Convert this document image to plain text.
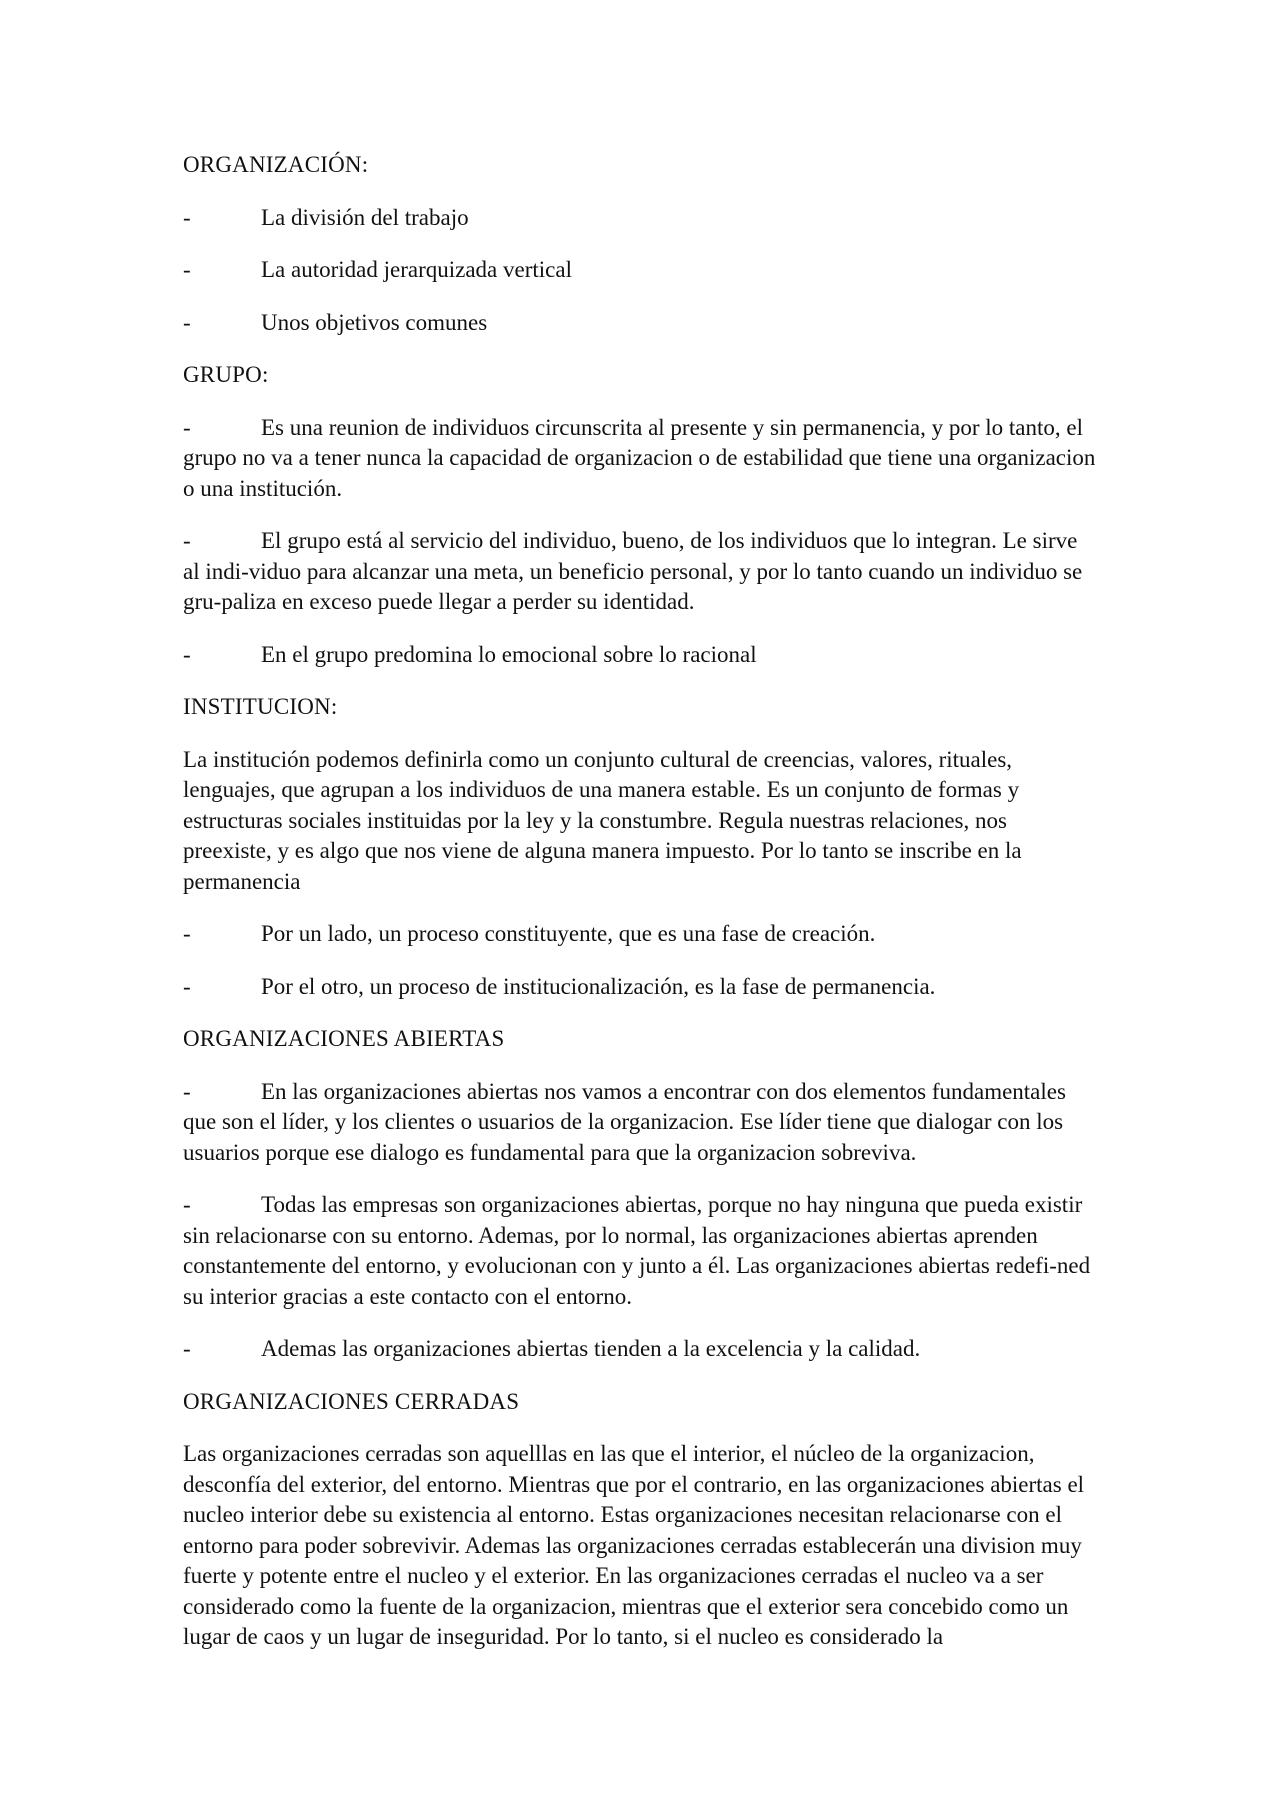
ORGANIZACIÓN:

-	La división del trabajo

-	La autoridad jerarquizada vertical

-	Unos objetivos comunes

GRUPO:

-	Es una reunion de individuos circunscrita al presente y sin permanencia, y por lo tanto, el grupo no va a tener nunca la capacidad de organizacion o de estabilidad que tiene una organizacion o una institución.

-	El grupo está al servicio del individuo, bueno, de los individuos que lo integran. Le sirve al indi-viduo para alcanzar una meta, un beneficio personal, y por lo tanto cuando un individuo se gru-paliza en exceso puede llegar a perder su identidad.

-	En el grupo predomina lo emocional sobre lo racional

INSTITUCION:

La institución podemos definirla como un conjunto cultural de creencias, valores, rituales, lenguajes, que agrupan a los individuos de una manera estable. Es un conjunto de formas y estructuras sociales instituidas por la ley y la constumbre. Regula nuestras relaciones, nos preexiste, y es algo que nos viene de alguna manera impuesto. Por lo tanto se inscribe en la permanencia

-	Por un lado, un proceso constituyente, que es una fase de creación.

-	Por el otro, un proceso de institucionalización, es la fase de permanencia.

ORGANIZACIONES ABIERTAS

-	En las organizaciones abiertas nos vamos a encontrar con dos elementos fundamentales que son el líder, y los clientes o usuarios de la organizacion. Ese líder tiene que dialogar con los usuarios porque ese dialogo es fundamental para que la organizacion sobreviva.

-	Todas las empresas son organizaciones abiertas, porque no hay ninguna que pueda existir sin relacionarse con su entorno. Ademas, por lo normal, las organizaciones abiertas aprenden constantemente del entorno, y evolucionan con y junto a él. Las organizaciones abiertas redefi-ned su interior gracias a este contacto con el entorno.

-	Ademas las organizaciones abiertas tienden a la excelencia y la calidad.

ORGANIZACIONES CERRADAS

Las organizaciones cerradas son aquelllas en las que el interior, el núcleo de la organizacion, desconfía del exterior, del entorno. Mientras que por el contrario, en las organizaciones abiertas el nucleo interior debe su existencia al entorno. Estas organizaciones necesitan relacionarse con el entorno para poder sobrevivir. Ademas las organizaciones cerradas establecerán una division muy fuerte y potente entre el nucleo y el exterior. En las organizaciones cerradas el nucleo va a ser considerado como la fuente de la organizacion, mientras que el exterior sera concebido como un lugar de caos y un lugar de inseguridad. Por lo tanto, si el nucleo es considerado la
